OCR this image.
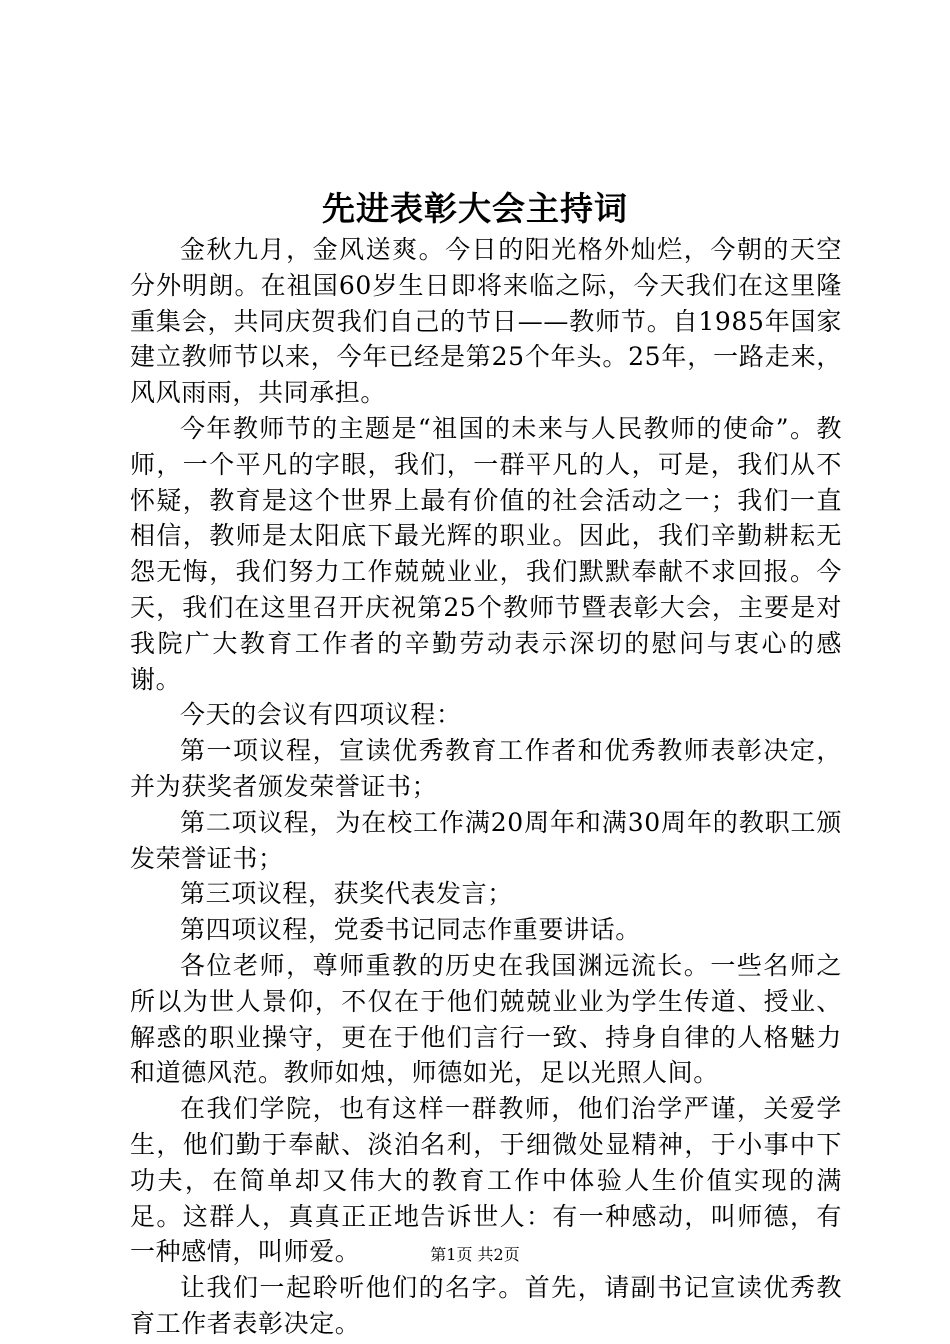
先进表彰大会主持词

金秋九月，金风送爽。今日的阳光格外灿烂，今朝的天空分外明朗。在祖国60岁生日即将来临之际，今天我们在这里隆重集会，共同庆贺我们自己的节日——教师节。自1985年国家建立教师节以来，今年已经是第25个年头。25年，一路走来，风风雨雨，共同承担。

今年教师节的主题是“祖国的未来与人民教师的使命”。教师，一个平凡的字眼，我们，一群平凡的人，可是，我们从不怀疑，教育是这个世界上最有价值的社会活动之一；我们一直相信，教师是太阳底下最光辉的职业。因此，我们辛勤耕耘无怨无悔，我们努力工作兢兢业业，我们默默奉献不求回报。今天，我们在这里召开庆祝第25个教师节暨表彰大会，主要是对我院广大教育工作者的辛勤劳动表示深切的慰问与衷心的感谢。

今天的会议有四项议程：

第一项议程，宣读优秀教育工作者和优秀教师表彰决定，并为获奖者颁发荣誉证书；

第二项议程，为在校工作满20周年和满30周年的教职工颁发荣誉证书；

第三项议程，获奖代表发言；

第四项议程，党委书记同志作重要讲话。

各位老师，尊师重教的历史在我国渊远流长。一些名师之所以为世人景仰，不仅在于他们兢兢业业为学生传道、授业、解惑的职业操守，更在于他们言行一致、持身自律的人格魅力和道德风范。教师如烛，师德如光，足以光照人间。

在我们学院，也有这样一群教师，他们治学严谨，关爱学生，他们勤于奉献、淡泊名利，于细微处显精神，于小事中下功夫，在简单却又伟大的教育工作中体验人生价值实现的满足。这群人，真真正正地告诉世人：有一种感动，叫师德，有一种感情，叫师爱。

让我们一起聆听他们的名字。首先，请副书记宣读优秀教育工作者表彰决定。

第1页 共2页
